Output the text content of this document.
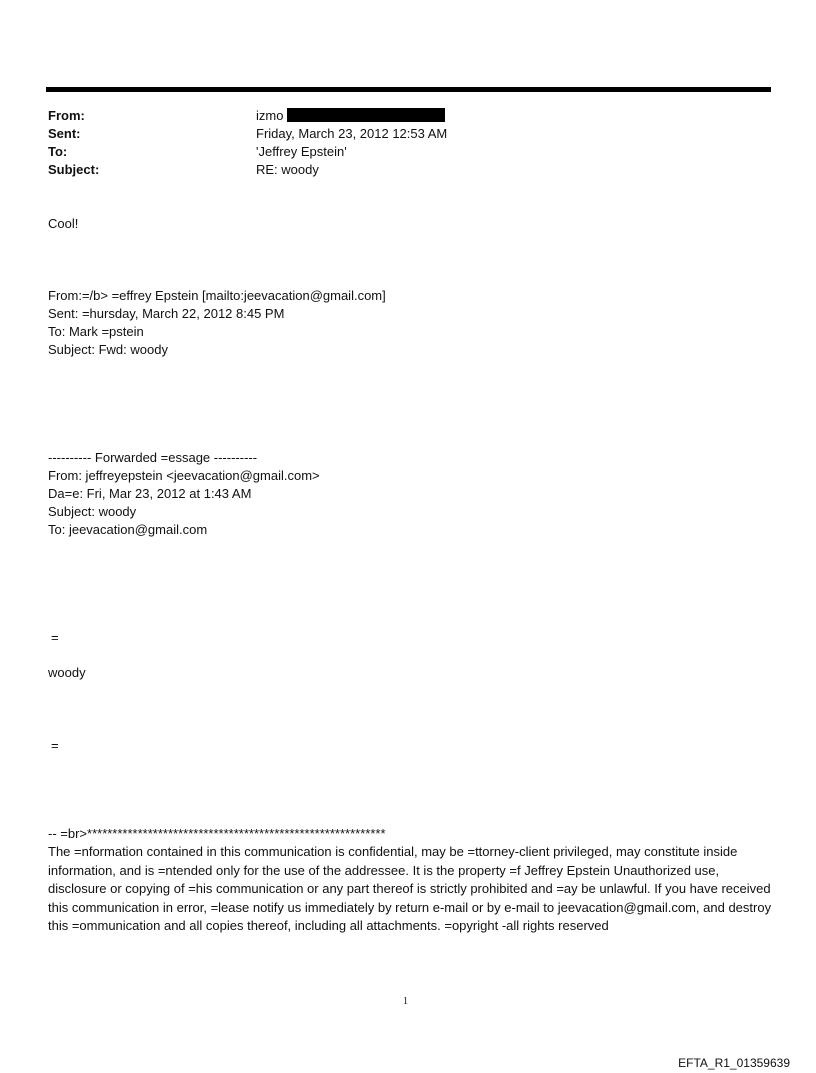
From:	izmo
Sent:	Friday, March 23, 2012 12:53 AM
To:	'Jeffrey Epstein'
Subject:	RE: woody
Cool!
From:=/b> =effrey Epstein [mailto:jeevacation@gmail.com]
Sent: =hursday, March 22, 2012 8:45 PM
To: Mark =pstein
Subject: Fwd: woody
---------- Forwarded =essage ----------
From: jeffreyepstein <jeevacation@gmail.com>
Da=e: Fri, Mar 23, 2012 at 1:43 AM
Subject: woody
To: jeevacation@gmail.com
=
woody
=
-- =br>***********************************************************
The =nformation contained in this communication is confidential, may be =ttorney-client privileged, may constitute inside information, and is =ntended only for the use of the addressee. It is the property =f Jeffrey Epstein Unauthorized use, disclosure or copying of =his communication or any part thereof is strictly prohibited and =ay be unlawful. If you have received this communication in error, =lease notify us immediately by return e-mail or by e-mail to jeevacation@gmail.com, and destroy this =ommunication and all copies thereof, including all attachments. =opyright -all rights reserved
1
EFTA_R1_01359639
